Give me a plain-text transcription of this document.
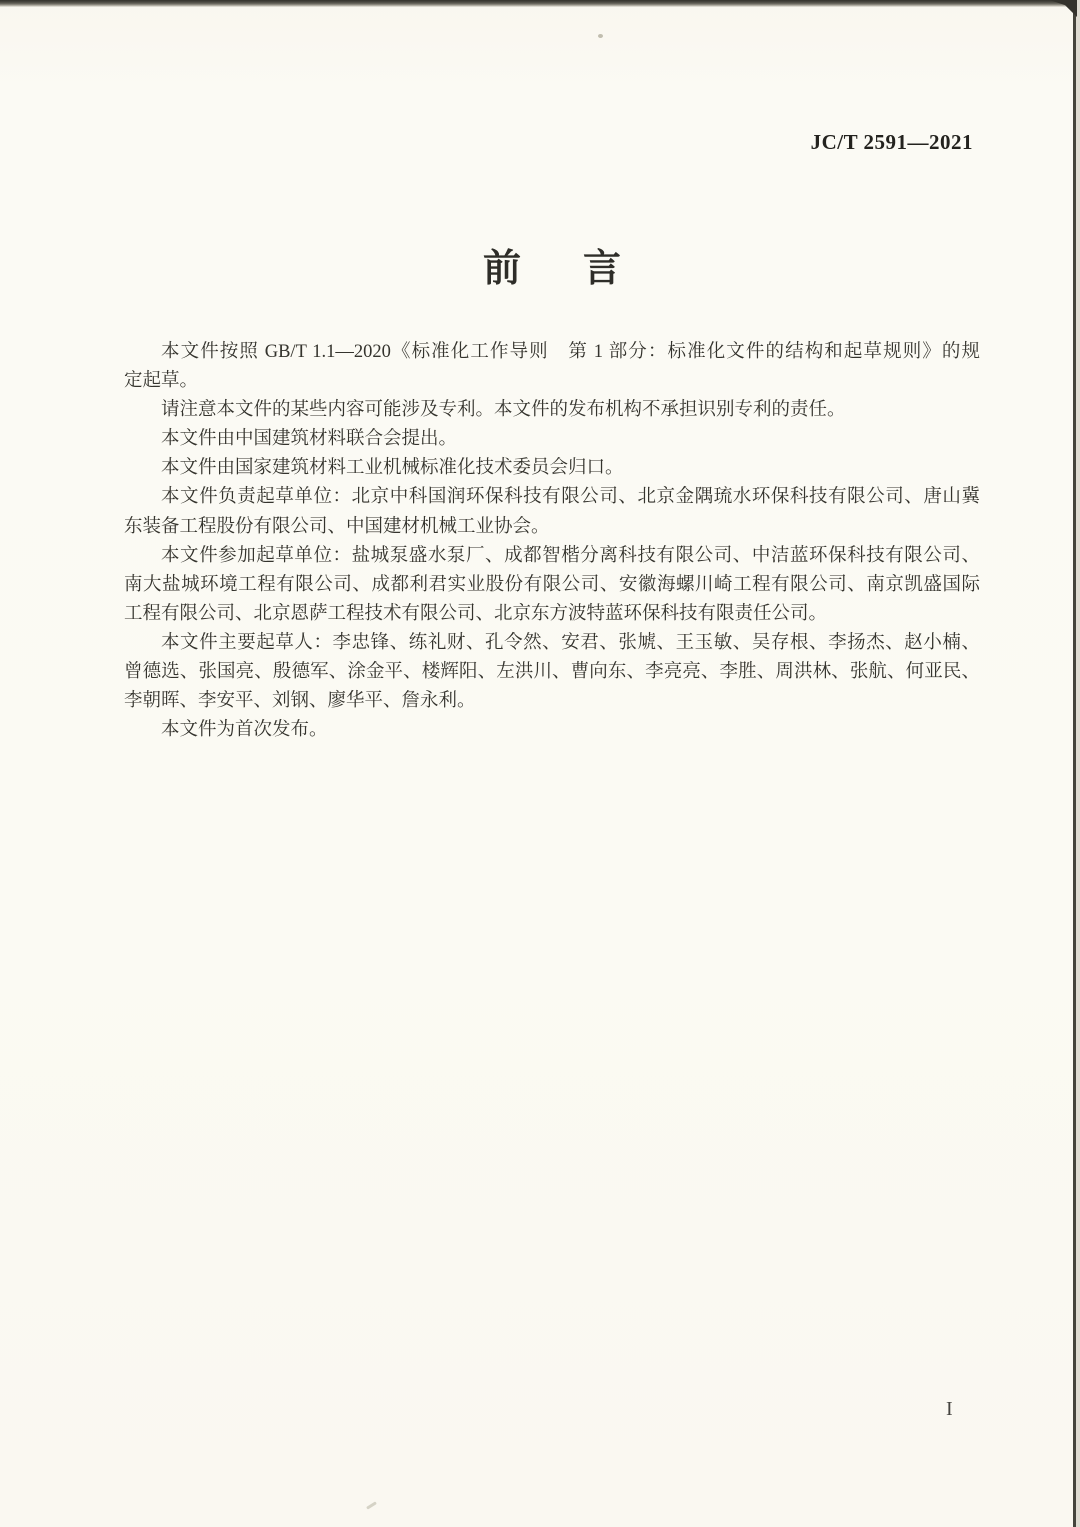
JC/T 2591—2021
前 言
本文件按照 GB/T 1.1—2020《标准化工作导则　第 1 部分：标准化文件的结构和起草规则》的规
定起草。
请注意本文件的某些内容可能涉及专利。本文件的发布机构不承担识别专利的责任。
本文件由中国建筑材料联合会提出。
本文件由国家建筑材料工业机械标准化技术委员会归口。
本文件负责起草单位：北京中科国润环保科技有限公司、北京金隅琉水环保科技有限公司、唐山冀
东装备工程股份有限公司、中国建材机械工业协会。
本文件参加起草单位：盐城泵盛水泵厂、成都智楷分离科技有限公司、中洁蓝环保科技有限公司、
南大盐城环境工程有限公司、成都利君实业股份有限公司、安徽海螺川崎工程有限公司、南京凯盛国际
工程有限公司、北京恩萨工程技术有限公司、北京东方波特蓝环保科技有限责任公司。
本文件主要起草人：李忠锋、练礼财、孔令然、安君、张虓、王玉敏、吴存根、李扬杰、赵小楠、
曾德选、张国亮、殷德军、涂金平、楼辉阳、左洪川、曹向东、李亮亮、李胜、周洪林、张航、何亚民、
李朝晖、李安平、刘钢、廖华平、詹永利。
本文件为首次发布。
I
